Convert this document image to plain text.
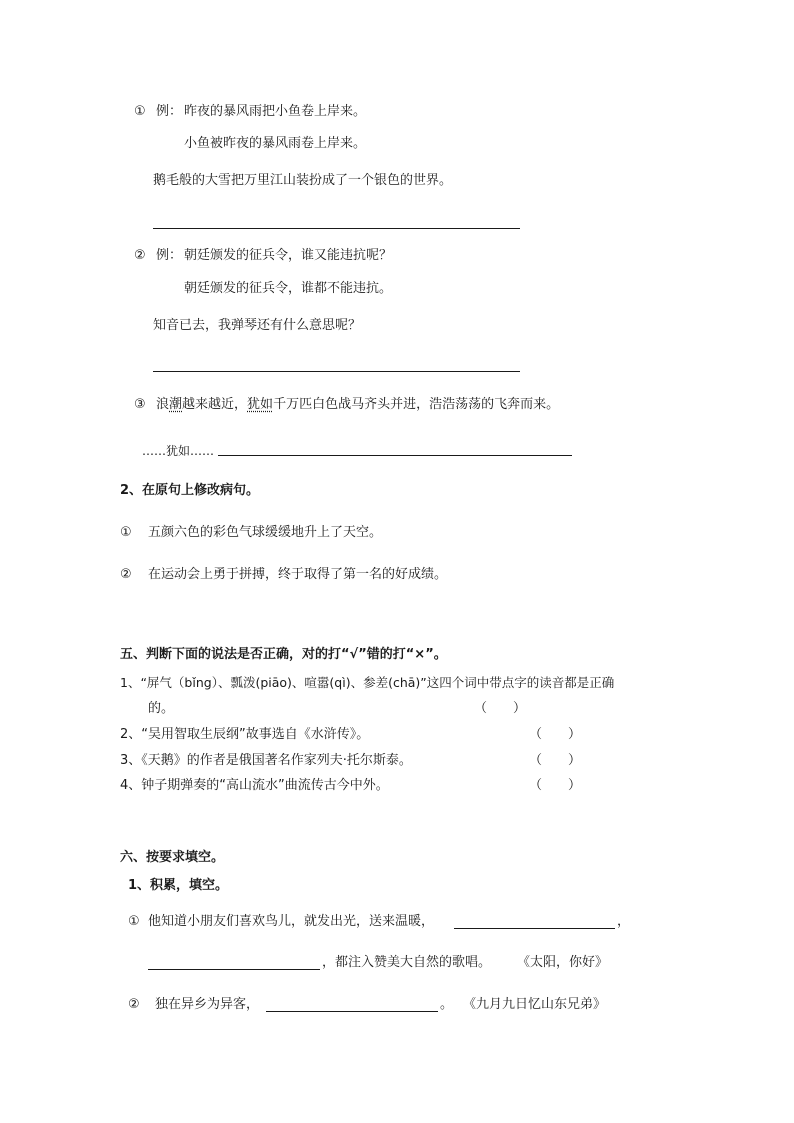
① 例： 昨夜的暴风雨把小鱼卷上岸来。
小鱼被昨夜的暴风雨卷上岸来。
鹅毛般的大雪把万里江山装扮成了一个银色的世界。
② 例： 朝廷颁发的征兵令，谁又能违抗呢？
朝廷颁发的征兵令，谁都不能违抗。
知音已去，我弹琴还有什么意思呢？
③ 浪潮越来越近，犹如千万匹白色战马齐头并进，浩浩荡荡的飞奔而来。
……犹如……
2、在原句上修改病句。
① 五颜六色的彩色气球缓缓地升上了天空。
② 在运动会上勇于拼搏，终于取得了第一名的好成绩。
五、判断下面的说法是否正确，对的打“√”错的打“×”。
1、“屏气（bǐng）、瓢泼(piāo)、喧嚣(qì)、参差(chā)”这四个词中带点字的读音都是正确
的。	（　　）
2、“吴用智取生辰纲”故事选自《水浒传》。	（　　）
3、《天鹅》的作者是俄国著名作家列夫·托尔斯泰。	（　　）
4、钟子期弹奏的“高山流水”曲流传古今中外。	（　　）
六、按要求填空。
1、积累，填空。
① 他知道小朋友们喜欢鸟儿，就发出光，送来温暖，	，
，都注入赞美大自然的歌唱。 《太阳，你好》
② 独在异乡为异客，	。 《九月九日忆山东兄弟》
